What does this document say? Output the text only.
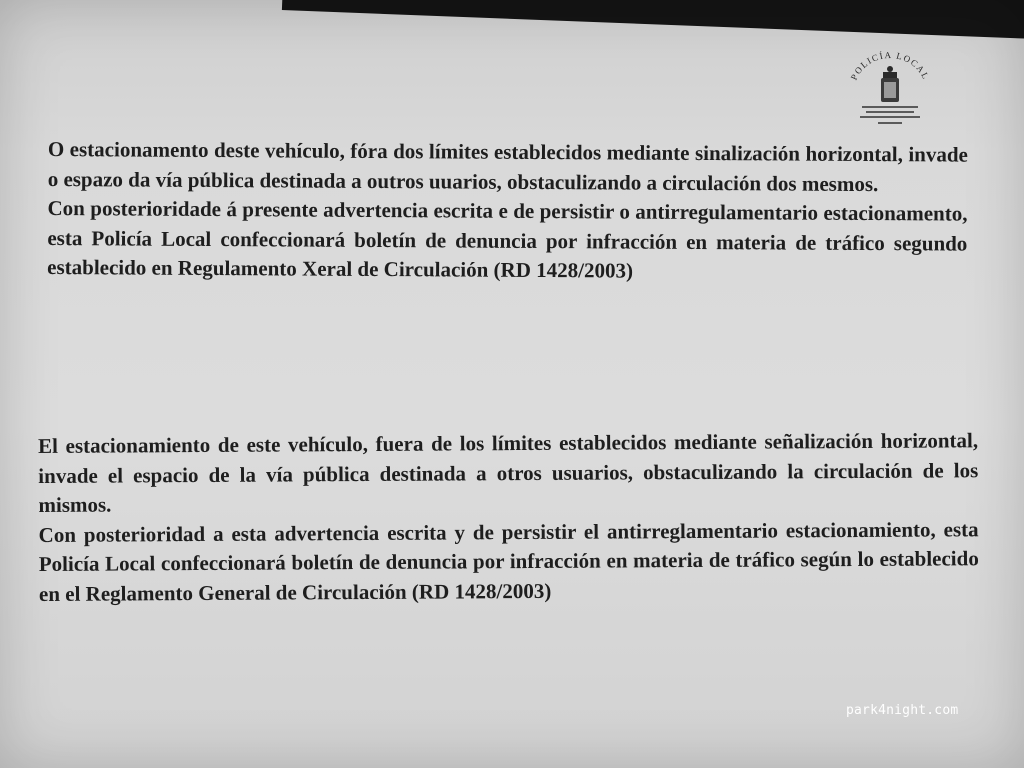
POLICÍA LOCAL

O estacionamento deste vehículo, fóra dos límites establecidos mediante sinalización horizontal, invade o espazo da vía pública destinada a outros uuarios, obstaculizando a circulación dos mesmos.

Con posterioridade á presente advertencia escrita e de persistir o antirregulamentario estacionamento, esta Policía Local confeccionará boletín de denuncia por infracción en materia de tráfico segundo establecido en Regulamento Xeral de Circulación (RD 1428/2003)

El estacionamiento de este vehículo, fuera de los límites establecidos mediante señalización horizontal, invade el espacio de la vía pública destinada a otros usuarios, obstaculizando la circulación de los mismos.

Con posterioridad a esta advertencia escrita y de persistir el antirreglamentario estacionamiento, esta Policía Local confeccionará boletín de denuncia por infracción en materia de tráfico según lo establecido en el Reglamento General de Circulación (RD 1428/2003)

park4night.com
